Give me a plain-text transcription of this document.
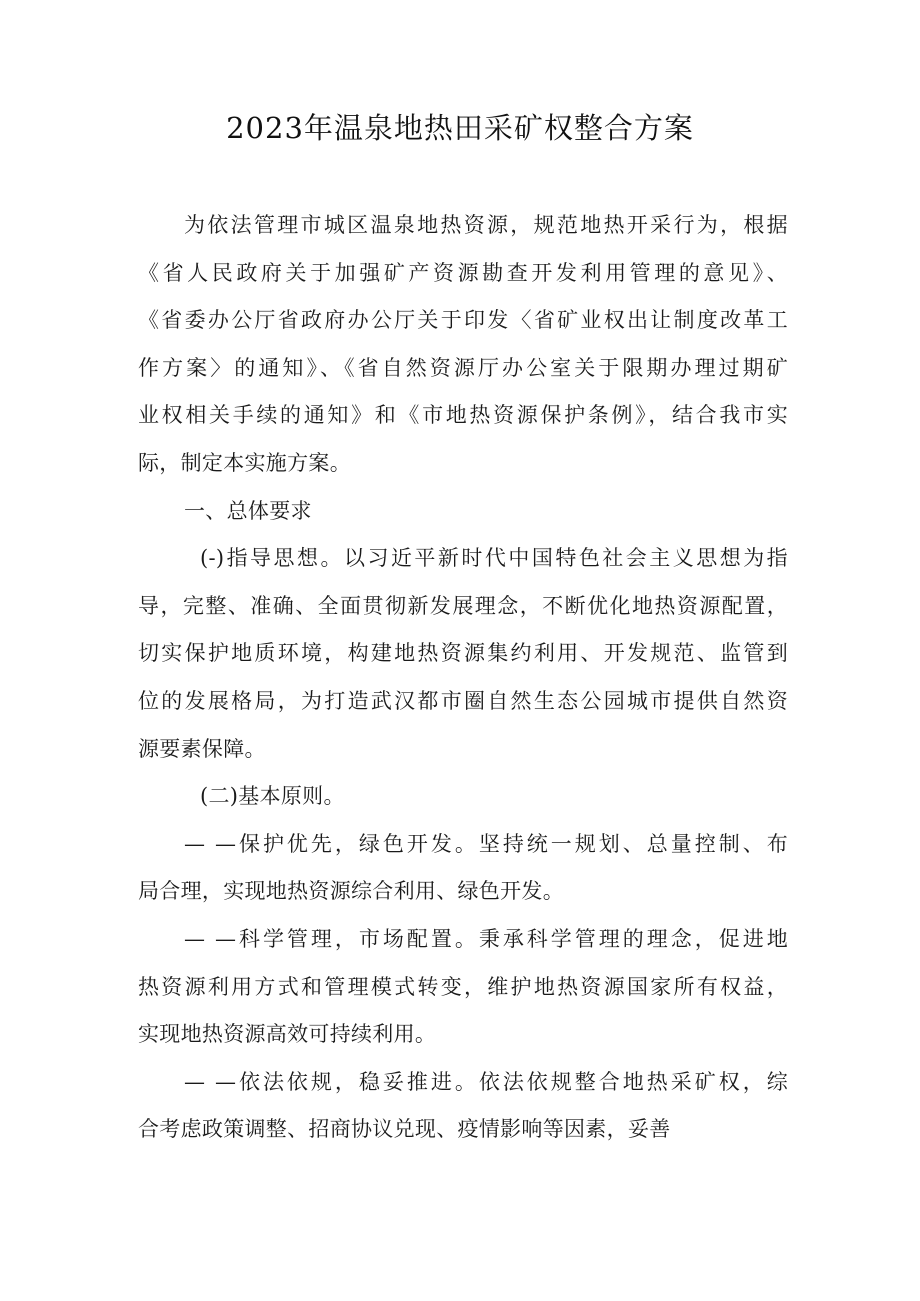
2023年温泉地热田采矿权整合方案
为依法管理市城区温泉地热资源，规范地热开采行为，根据
《省人民政府关于加强矿产资源勘查开发利用管理的意见》、
《省委办公厅省政府办公厅关于印发〈省矿业权出让制度改革工
作方案〉的通知》、《省自然资源厅办公室关于限期办理过期矿
业权相关手续的通知》和《市地热资源保护条例》，结合我市实
际，制定本实施方案。
一、总体要求
(-)指导思想。以习近平新时代中国特色社会主义思想为指
导，完整、准确、全面贯彻新发展理念，不断优化地热资源配置，
切实保护地质环境，构建地热资源集约利用、开发规范、监管到
位的发展格局，为打造武汉都市圈自然生态公园城市提供自然资
源要素保障。
(二)基本原则。
— —保护优先，绿色开发。坚持统一规划、总量控制、布
局合理，实现地热资源综合利用、绿色开发。
— —科学管理，市场配置。秉承科学管理的理念，促进地
热资源利用方式和管理模式转变，维护地热资源国家所有权益，
实现地热资源高效可持续利用。
— —依法依规，稳妥推进。依法依规整合地热采矿权，综
合考虑政策调整、招商协议兑现、疫情影响等因素，妥善
